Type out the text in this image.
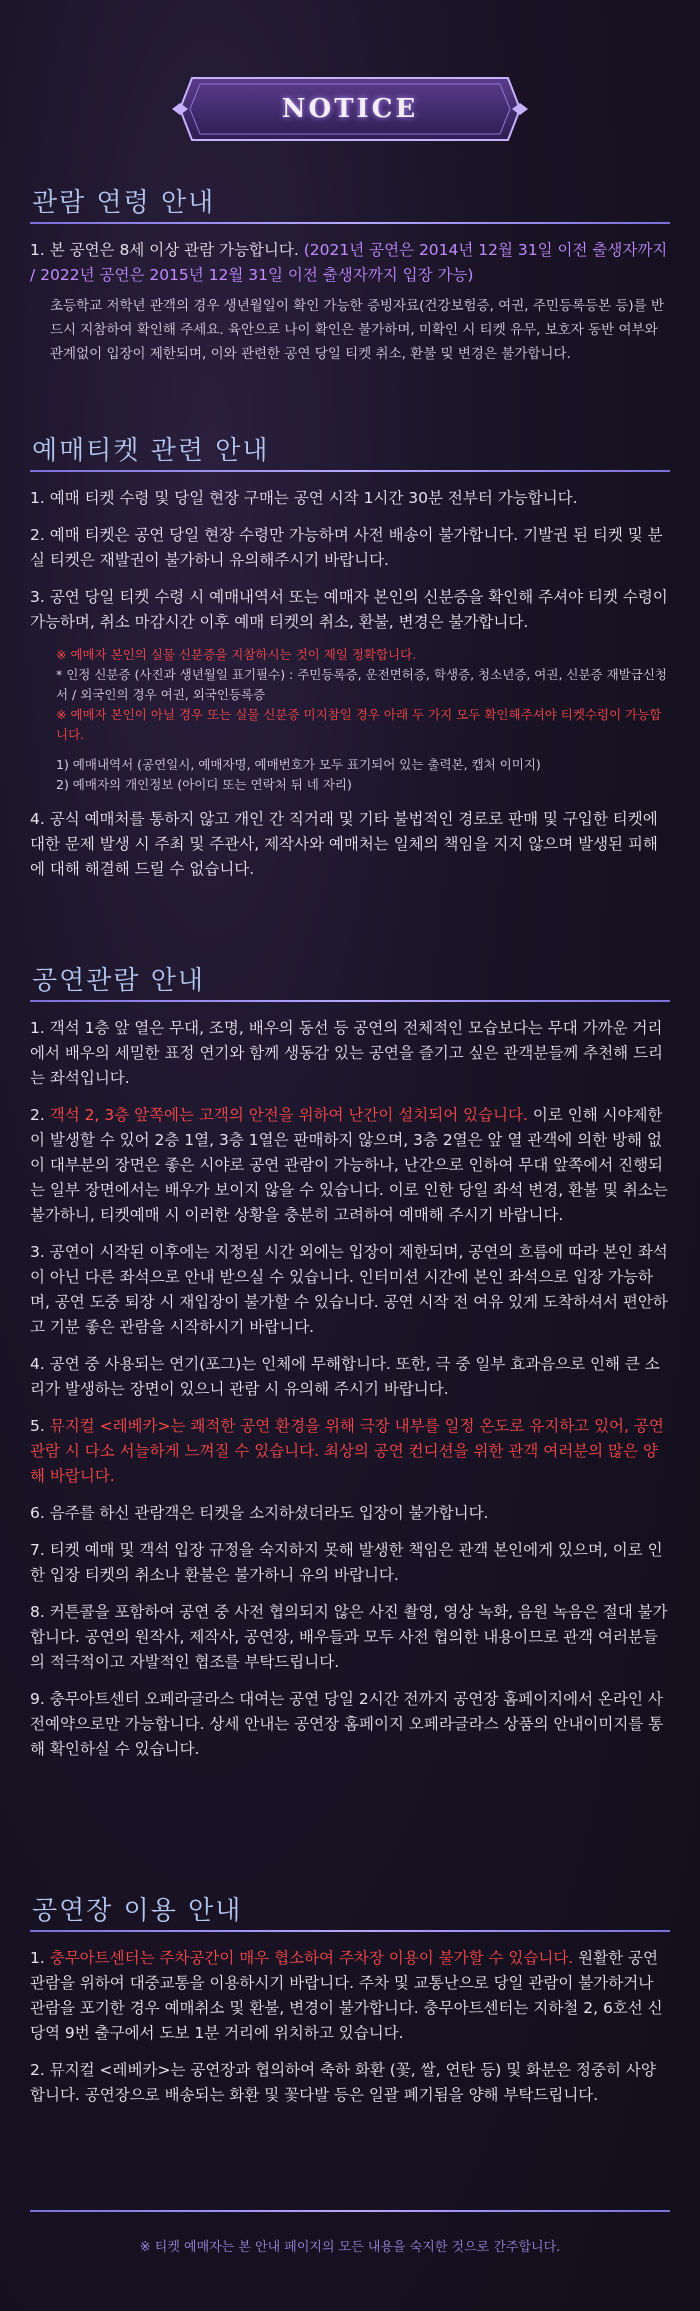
NOTICE
관람 연령 안내
1. 본 공연은 8세 이상 관람 가능합니다. (2021년 공연은 2014년 12월 31일 이전 출생자까지 / 2022년 공연은 2015년 12월 31일 이전 출생자까지 입장 가능)
초등학교 저학년 관객의 경우 생년월일이 확인 가능한 증빙자료(건강보험증, 여권, 주민등록등본 등)를 반드시 지참하여 확인해 주세요. 육안으로 나이 확인은 불가하며, 미확인 시 티켓 유무, 보호자 동반 여부와 관계없이 입장이 제한되며, 이와 관련한 공연 당일 티켓 취소, 환불 및 변경은 불가합니다.
예매티켓 관련 안내
1. 예매 티켓 수령 및 당일 현장 구매는 공연 시작 1시간 30분 전부터 가능합니다.
2. 예매 티켓은 공연 당일 현장 수령만 가능하며 사전 배송이 불가합니다. 기발권 된 티켓 및 분실 티켓은 재발권이 불가하니 유의해주시기 바랍니다.
3. 공연 당일 티켓 수령 시 예매내역서 또는 예매자 본인의 신분증을 확인해 주셔야 티켓 수령이 가능하며, 취소 마감시간 이후 예매 티켓의 취소, 환불, 변경은 불가합니다.
※ 예매자 본인의 실물 신분증을 지참하시는 것이 제일 정확합니다.
* 인정 신분증 (사진과 생년월일 표기필수) : 주민등록증, 운전면허증, 학생증, 청소년증, 여권, 신분증 재발급신청서 / 외국인의 경우 여권, 외국인등록증
※ 예매자 본인이 아닐 경우 또는 실물 신분증 미지참일 경우 아래 두 가지 모두 확인해주셔야 티켓수령이 가능합니다.
1) 예매내역서 (공연일시, 예매자명, 예매번호가 모두 표기되어 있는 출력본, 캡처 이미지)
2) 예매자의 개인정보 (아이디 또는 연락처 뒤 네 자리)
4. 공식 예매처를 통하지 않고 개인 간 직거래 및 기타 불법적인 경로로 판매 및 구입한 티켓에 대한 문제 발생 시 주최 및 주관사, 제작사와 예매처는 일체의 책임을 지지 않으며 발생된 피해에 대해 해결해 드릴 수 없습니다.
공연관람 안내
1. 객석 1층 앞 열은 무대, 조명, 배우의 동선 등 공연의 전체적인 모습보다는 무대 가까운 거리에서 배우의 세밀한 표정 연기와 함께 생동감 있는 공연을 즐기고 싶은 관객분들께 추천해 드리는 좌석입니다.
2. 객석 2, 3층 앞쪽에는 고객의 안전을 위하여 난간이 설치되어 있습니다. 이로 인해 시야제한이 발생할 수 있어 2층 1열, 3층 1열은 판매하지 않으며, 3층 2열은 앞 열 관객에 의한 방해 없이 대부분의 장면은 좋은 시야로 공연 관람이 가능하나, 난간으로 인하여 무대 앞쪽에서 진행되는 일부 장면에서는 배우가 보이지 않을 수 있습니다. 이로 인한 당일 좌석 변경, 환불 및 취소는 불가하니, 티켓예매 시 이러한 상황을 충분히 고려하여 예매해 주시기 바랍니다.
3. 공연이 시작된 이후에는 지정된 시간 외에는 입장이 제한되며, 공연의 흐름에 따라 본인 좌석이 아닌 다른 좌석으로 안내 받으실 수 있습니다. 인터미션 시간에 본인 좌석으로 입장 가능하며, 공연 도중 퇴장 시 재입장이 불가할 수 있습니다. 공연 시작 전 여유 있게 도착하셔서 편안하고 기분 좋은 관람을 시작하시기 바랍니다.
4. 공연 중 사용되는 연기(포그)는 인체에 무해합니다. 또한, 극 중 일부 효과음으로 인해 큰 소리가 발생하는 장면이 있으니 관람 시 유의해 주시기 바랍니다.
5. 뮤지컬 <레베카>는 쾌적한 공연 환경을 위해 극장 내부를 일정 온도로 유지하고 있어, 공연 관람 시 다소 서늘하게 느껴질 수 있습니다. 최상의 공연 컨디션을 위한 관객 여러분의 많은 양해 바랍니다.
6. 음주를 하신 관람객은 티켓을 소지하셨더라도 입장이 불가합니다.
7. 티켓 예매 및 객석 입장 규정을 숙지하지 못해 발생한 책임은 관객 본인에게 있으며, 이로 인한 입장 티켓의 취소나 환불은 불가하니 유의 바랍니다.
8. 커튼콜을 포함하여 공연 중 사전 협의되지 않은 사진 촬영, 영상 녹화, 음원 녹음은 절대 불가합니다. 공연의 원작사, 제작사, 공연장, 배우들과 모두 사전 협의한 내용이므로 관객 여러분들의 적극적이고 자발적인 협조를 부탁드립니다.
9. 충무아트센터 오페라글라스 대여는 공연 당일 2시간 전까지 공연장 홈페이지에서 온라인 사전예약으로만 가능합니다. 상세 안내는 공연장 홈페이지 오페라글라스 상품의 안내이미지를 통해 확인하실 수 있습니다.
공연장 이용 안내
1. 충무아트센터는 주차공간이 매우 협소하여 주차장 이용이 불가할 수 있습니다. 원활한 공연관람을 위하여 대중교통을 이용하시기 바랍니다. 주차 및 교통난으로 당일 관람이 불가하거나 관람을 포기한 경우 예매취소 및 환불, 변경이 불가합니다. 충무아트센터는 지하철 2, 6호선 신당역 9번 출구에서 도보 1분 거리에 위치하고 있습니다.
2. 뮤지컬 <레베카>는 공연장과 협의하여 축하 화환 (꽃, 쌀, 연탄 등) 및 화분은 정중히 사양합니다. 공연장으로 배송되는 화환 및 꽃다발 등은 일괄 폐기됨을 양해 부탁드립니다.
※ 티켓 예매자는 본 안내 페이지의 모든 내용을 숙지한 것으로 간주합니다.
